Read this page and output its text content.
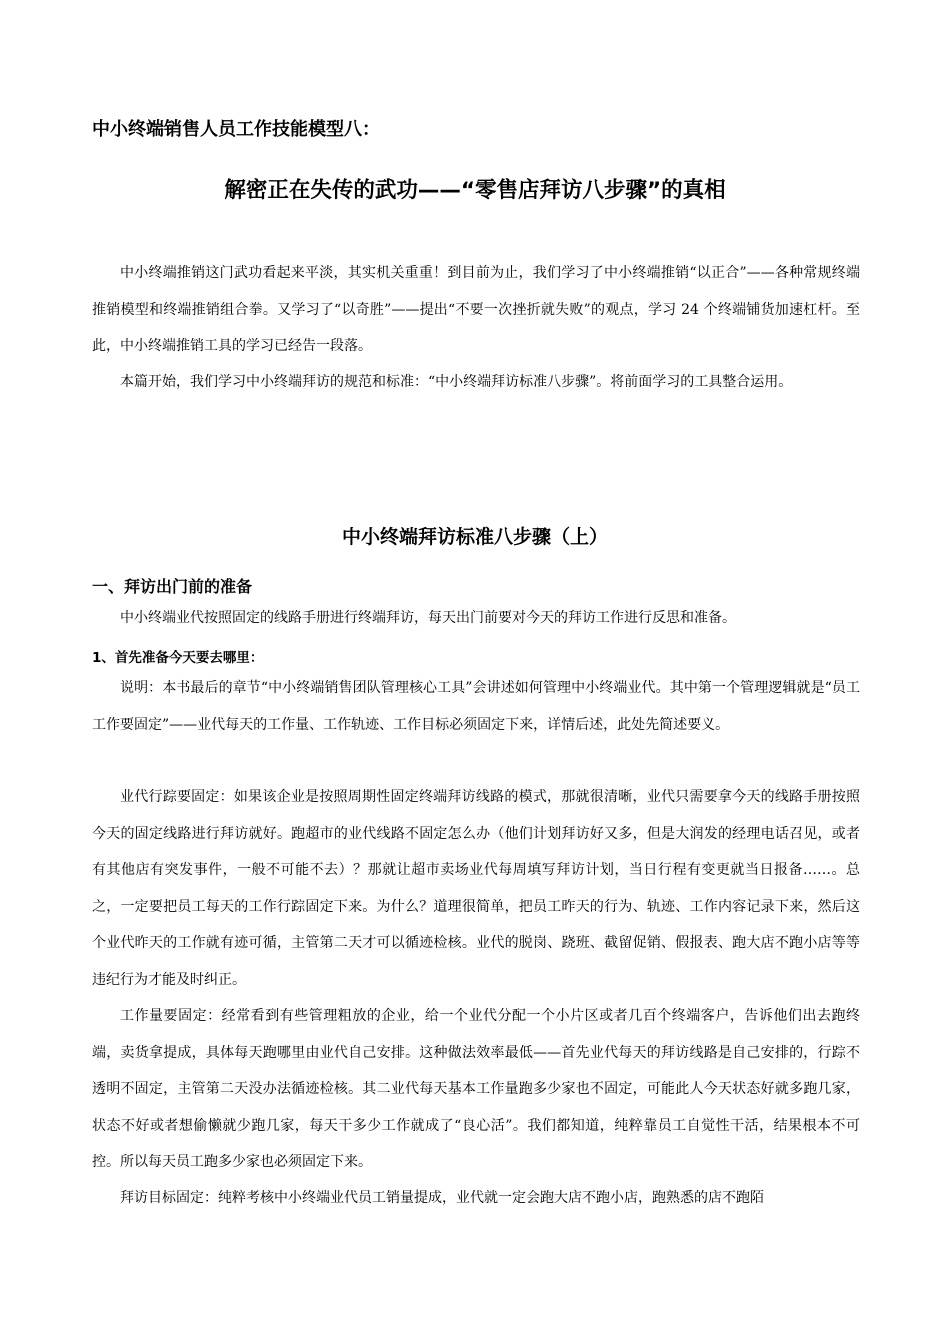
中小终端销售人员工作技能模型八：
解密正在失传的武功——“零售店拜访八步骤”的真相

中小终端推销这门武功看起来平淡，其实机关重重！到目前为止，我们学习了中小终端推销“以正合”——各种常规终端推销模型和终端推销组合拳。又学习了“以奇胜”——提出“不要一次挫折就失败”的观点，学习 24 个终端铺货加速杠杆。至此，中小终端推销工具的学习已经告一段落。

本篇开始，我们学习中小终端拜访的规范和标准：“中小终端拜访标准八步骤”。将前面学习的工具整合运用。

中小终端拜访标准八步骤（上）
一、拜访出门前的准备

中小终端业代按照固定的线路手册进行终端拜访，每天出门前要对今天的拜访工作进行反思和准备。

1、首先准备今天要去哪里：

说明：本书最后的章节“中小终端销售团队管理核心工具”会讲述如何管理中小终端业代。其中第一个管理逻辑就是“员工工作要固定”——业代每天的工作量、工作轨迹、工作目标必须固定下来，详情后述，此处先简述要义。

业代行踪要固定：如果该企业是按照周期性固定终端拜访线路的模式，那就很清晰，业代只需要拿今天的线路手册按照今天的固定线路进行拜访就好。跑超市的业代线路不固定怎么办（他们计划拜访好又多，但是大润发的经理电话召见，或者有其他店有突发事件，一般不可能不去）？那就让超市卖场业代每周填写拜访计划，当日行程有变更就当日报备……。总之，一定要把员工每天的工作行踪固定下来。为什么？道理很简单，把员工昨天的行为、轨迹、工作内容记录下来，然后这个业代昨天的工作就有迹可循，主管第二天才可以循迹检核。业代的脱岗、跷班、截留促销、假报表、跑大店不跑小店等等违纪行为才能及时纠正。

工作量要固定：经常看到有些管理粗放的企业，给一个业代分配一个小片区或者几百个终端客户，告诉他们出去跑终端，卖货拿提成，具体每天跑哪里由业代自己安排。这种做法效率最低——首先业代每天的拜访线路是自己安排的，行踪不透明不固定，主管第二天没办法循迹检核。其二业代每天基本工作量跑多少家也不固定，可能此人今天状态好就多跑几家，状态不好或者想偷懒就少跑几家，每天干多少工作就成了“良心活”。我们都知道，纯粹靠员工自觉性干活，结果根本不可控。所以每天员工跑多少家也必须固定下来。

拜访目标固定：纯粹考核中小终端业代员工销量提成，业代就一定会跑大店不跑小店，跑熟悉的店不跑陌
